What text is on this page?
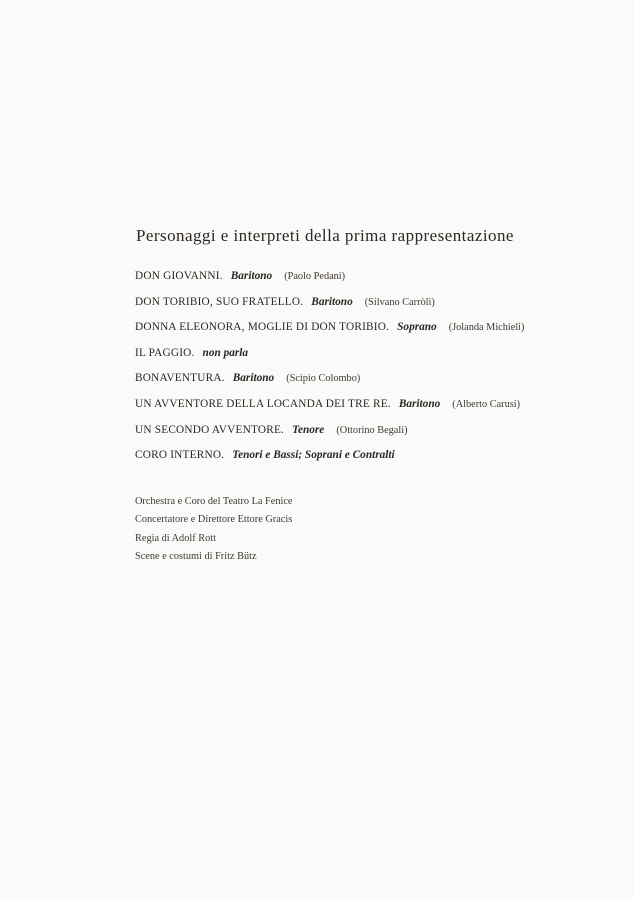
Personaggi e interpreti della prima rappresentazione
DON GIOVANNI. Baritono (Paolo Pedani)
DON TORIBIO, SUO FRATELLO. Baritono (Silvano Carròli)
DONNA ELEONORA, MOGLIE DI DON TORIBIO. Soprano (Jolanda Michieli)
IL PAGGIO. non parla
BONAVENTURA. Baritono (Scipio Colombo)
UN AVVENTORE DELLA LOCANDA DEI TRE RE. Baritono (Alberto Carusi)
UN SECONDO AVVENTORE. Tenore (Ottorino Begali)
CORO INTERNO. Tenori e Bassi; Soprani e Contralti
Orchestra e Coro del Teatro La Fenice
Concertatore e Direttore Ettore Gracis
Regia di Adolf Rott
Scene e costumi di Fritz Bütz
